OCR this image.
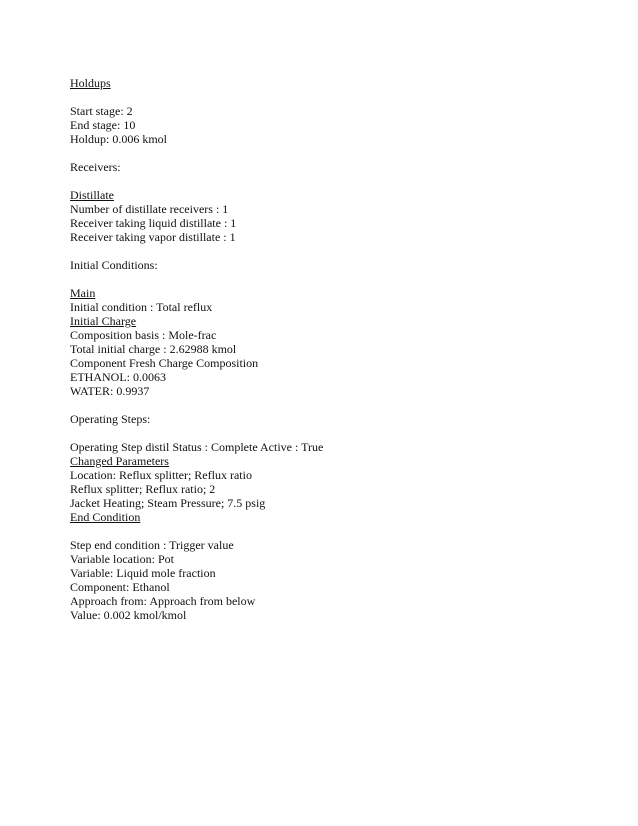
Holdups
Start stage: 2
End stage: 10
Holdup: 0.006 kmol
Receivers:
Distillate
Number of distillate receivers : 1
Receiver taking liquid distillate : 1
Receiver taking vapor distillate : 1
Initial Conditions:
Main
Initial condition : Total reflux
Initial Charge
Composition basis : Mole-frac
Total initial charge : 2.62988 kmol
Component Fresh Charge Composition
ETHANOL: 0.0063
WATER: 0.9937
Operating Steps:
Operating Step distil Status : Complete Active : True
Changed Parameters
Location: Reflux splitter; Reflux ratio
Reflux splitter; Reflux ratio; 2
Jacket Heating; Steam Pressure; 7.5 psig
End Condition
Step end condition : Trigger value
Variable location: Pot
Variable: Liquid mole fraction
Component: Ethanol
Approach from: Approach from below
Value: 0.002 kmol/kmol
